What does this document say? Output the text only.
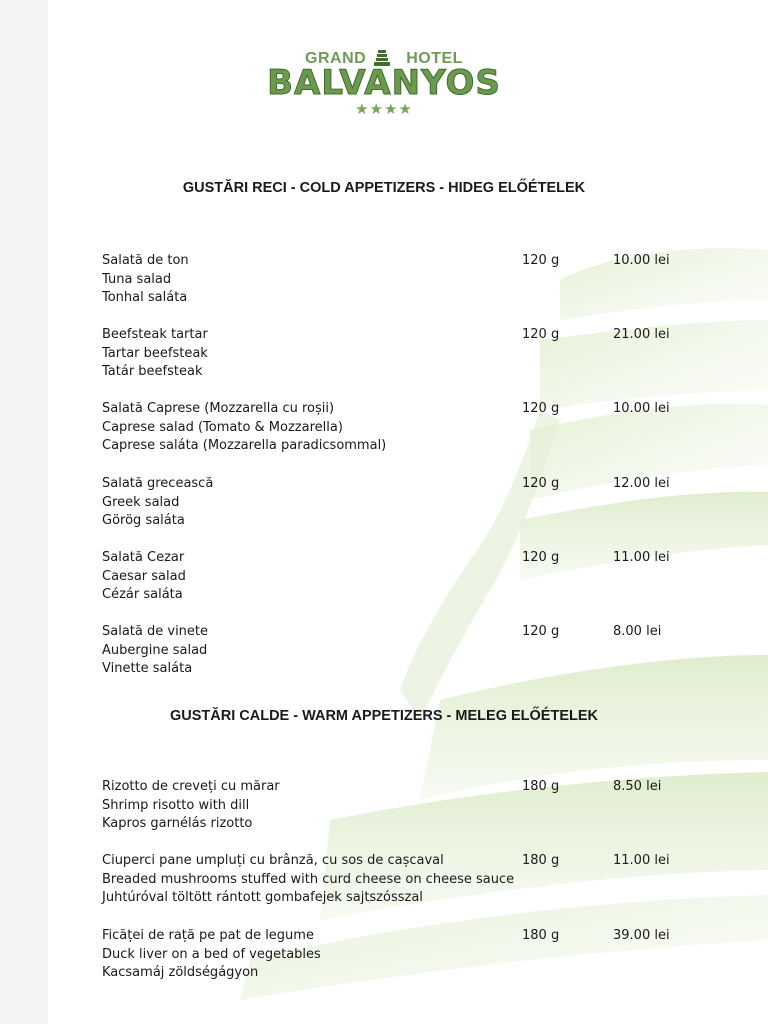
GRAND	HOTEL
BALVANYOS
★★★★
GUSTĂRI RECI - COLD APPETIZERS - HIDEG ELŐÉTELEK
Salată de ton
Tuna salad
Tonhal saláta
120 g	10.00 lei
Beefsteak tartar
Tartar beefsteak
Tatár beefsteak
120 g	21.00 lei
Salată Caprese (Mozzarella cu roșii)
Caprese salad (Tomato & Mozzarella)
Caprese saláta (Mozzarella paradicsommal)
120 g	10.00 lei
Salată grecească
Greek salad
Görög saláta
120 g	12.00 lei
Salată Cezar
Caesar salad
Cézár saláta
120 g	11.00 lei
Salată de vinete
Aubergine salad
Vinette saláta
120 g	8.00 lei
GUSTĂRI CALDE - WARM APPETIZERS - MELEG ELŐÉTELEK
Rizotto de creveți cu mărar
Shrimp risotto with dill
Kapros garnélás rizotto
180 g	8.50 lei
Ciuperci pane umpluți cu brânză, cu sos de cașcaval
Breaded mushrooms stuffed with curd cheese on cheese sauce
Juhtúróval töltött rántott gombafejek sajtszósszal
180 g	11.00 lei
Ficăței de rață pe pat de legume
Duck liver on a bed of vegetables
Kacsamáj zöldségágyon
180 g	39.00 lei
